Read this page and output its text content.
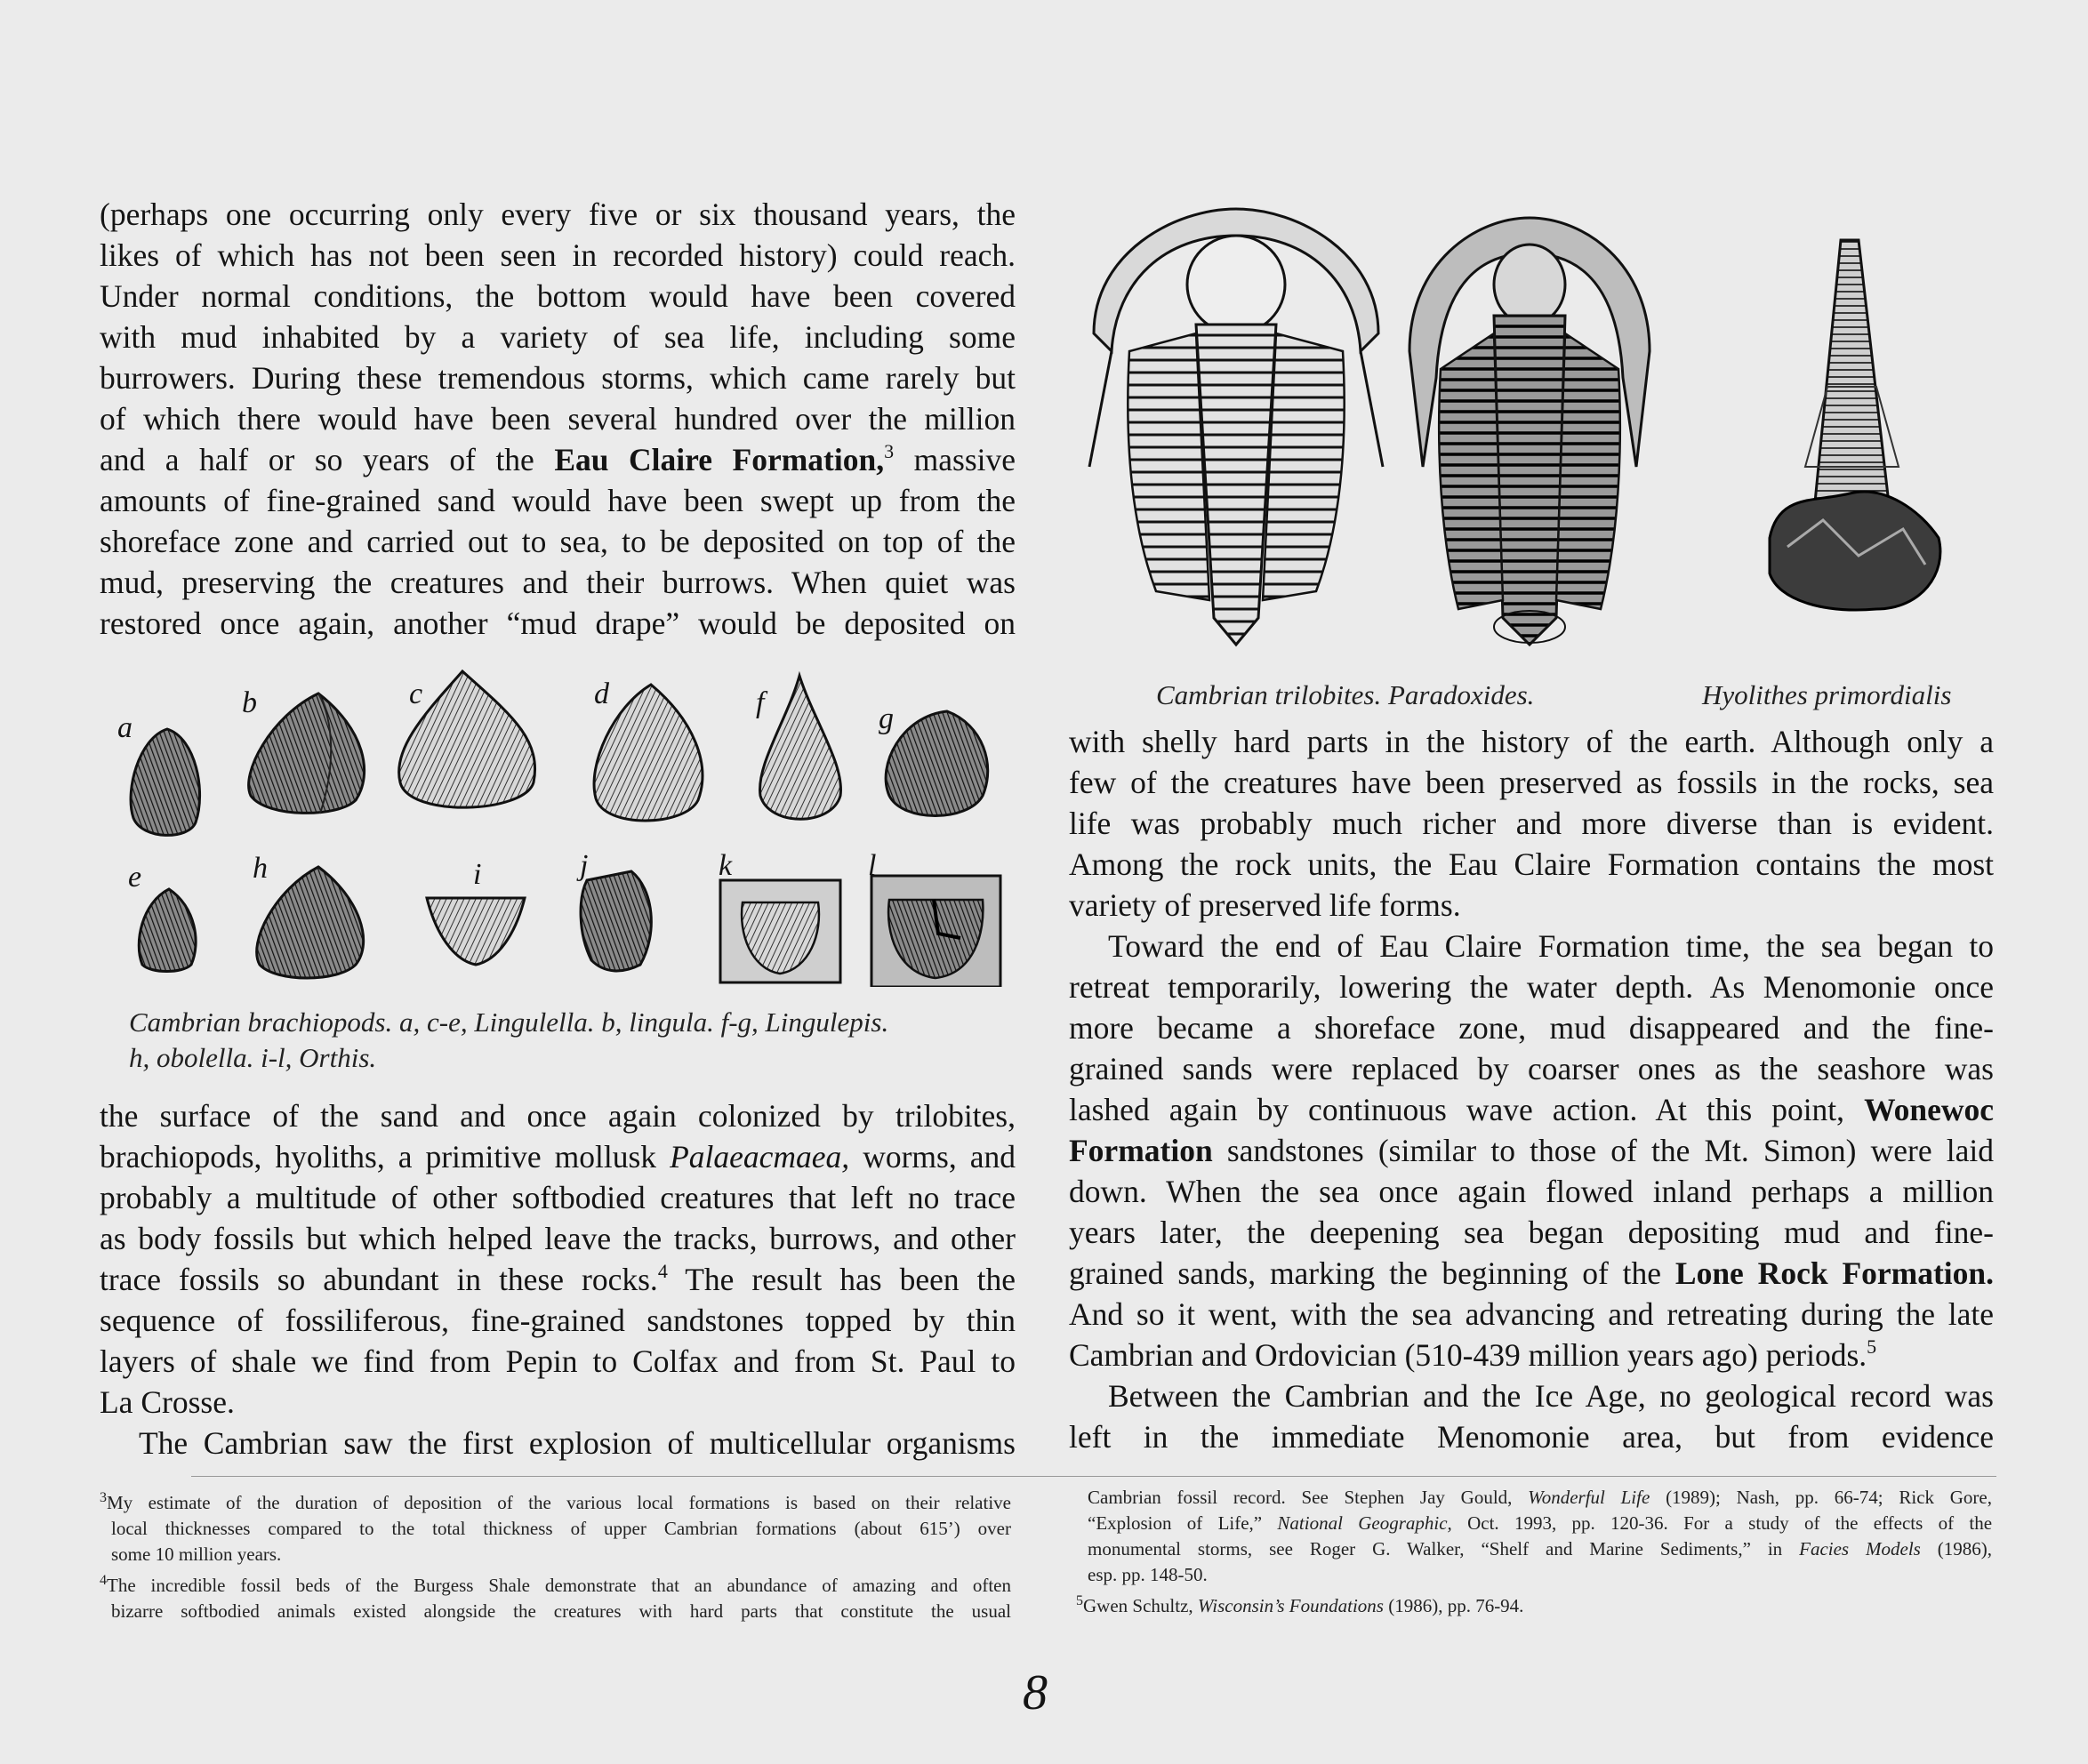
(perhaps one occurring only every five or six thousand years, the

likes of which has not been seen in recorded history) could reach.

Under normal conditions, the bottom would have been covered

with mud inhabited by a variety of sea life, including some

burrowers. During these tremendous storms, which came rarely but

of which there would have been several hundred over the million

and a half or so years of the Eau Claire Formation,$^3$ massive

amounts of fine-grained sand would have been swept up from the

shoreface zone and carried out to sea, to be deposited on top of the

mud, preserving the creatures and their burrows. When quiet was

restored once again, another “mud drape” would be deposited on

a
b	c	d	f	g
e	h	i	j	k	l
Cambrian brachiopods. a, c-e, Lingulella. b, lingula. f-g, Lingulepis.
h, obolella. i-l, Orthis.

the surface of the sand and once again colonized by trilobites,

brachiopods, hyoliths, a primitive mollusk Palaeacmaea, worms, and

probably a multitude of other softbodied creatures that left no trace

as body fossils but which helped leave the tracks, burrows, and other

trace fossils so abundant in these rocks.$^4$ The result has been the

sequence of fossiliferous, fine-grained sandstones topped by thin

layers of shale we find from Pepin to Colfax and from St. Paul to

La Crosse.

The Cambrian saw the first explosion of multicellular organisms

Cambrian trilobites. Paradoxides.	Hyolithes primordialis

with shelly hard parts in the history of the earth. Although only a

few of the creatures have been preserved as fossils in the rocks, sea

life was probably much richer and more diverse than is evident.

Among the rock units, the Eau Claire Formation contains the most

variety of preserved life forms.

Toward the end of Eau Claire Formation time, the sea began to

retreat temporarily, lowering the water depth. As Menomonie once

more became a shoreface zone, mud disappeared and the fine-

grained sands were replaced by coarser ones as the seashore was

lashed again by continuous wave action. At this point, Wonewoc

Formation sandstones (similar to those of the Mt. Simon) were laid

down. When the sea once again flowed inland perhaps a million

years later, the deepening sea began depositing mud and fine-

grained sands, marking the beginning of the Lone Rock Formation.

And so it went, with the sea advancing and retreating during the late

Cambrian and Ordovician (510-439 million years ago) periods.$^5$

Between the Cambrian and the Ice Age, no geological record was

left  in  the  immediate  Menomonie  area,  but  from  evidence

$^3$My estimate of the duration of deposition of the various local formations is based on their relative

local thicknesses compared to the total thickness of upper Cambrian formations (about 615’) over

some 10 million years.

$^4$The incredible fossil beds of the Burgess Shale demonstrate that an abundance of amazing and often

bizarre softbodied animals existed alongside the creatures with hard parts that constitute the usual

Cambrian fossil record. See Stephen Jay Gould, Wonderful Life (1989); Nash, pp. 66-74; Rick Gore,

“Explosion of Life,” National Geographic, Oct. 1993, pp. 120-36. For a study of the effects of the

monumental storms, see Roger G. Walker, “Shelf and Marine Sediments,” in Facies Models (1986),

esp. pp. 148-50.

$^5$Gwen Schultz, Wisconsin’s Foundations (1986), pp. 76-94.

8
